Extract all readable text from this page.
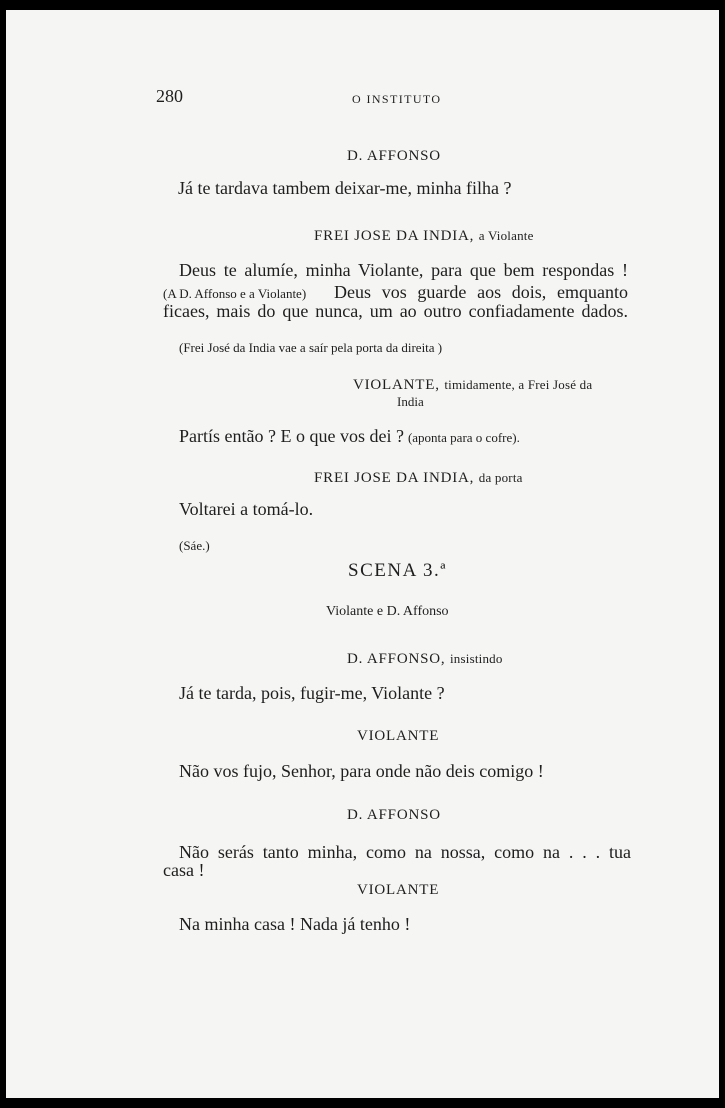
280	O INSTITUTO
D. AFFONSO
Já te tardava tambem deixar-me, minha filha ?
FREI JOSE DA INDIA, a Violante
Deus te alumíe, minha Violante, para que bem respondas !
(A D. Affonso e a Violante) Deus vos guarde aos dois, emquanto
ficaes, mais do que nunca, um ao outro confiadamente dados.
(Frei José da India vae a saír pela porta da direita )
VIOLANTE, timidamente, a Frei José da
India
Partís então ? E o que vos dei ? (aponta para o cofre).
FREI JOSE DA INDIA, da porta
Voltarei a tomá-lo.
(Sáe.)
SCENA 3.ª
Violante e D. Affonso
D. AFFONSO, insistindo
Já te tarda, pois, fugir-me, Violante ?
VIOLANTE
Não vos fujo, Senhor, para onde não deis comigo !
D. AFFONSO
Não serás tanto minha, como na nossa, como na . . . tua
casa !
VIOLANTE
Na minha casa ! Nada já tenho !
